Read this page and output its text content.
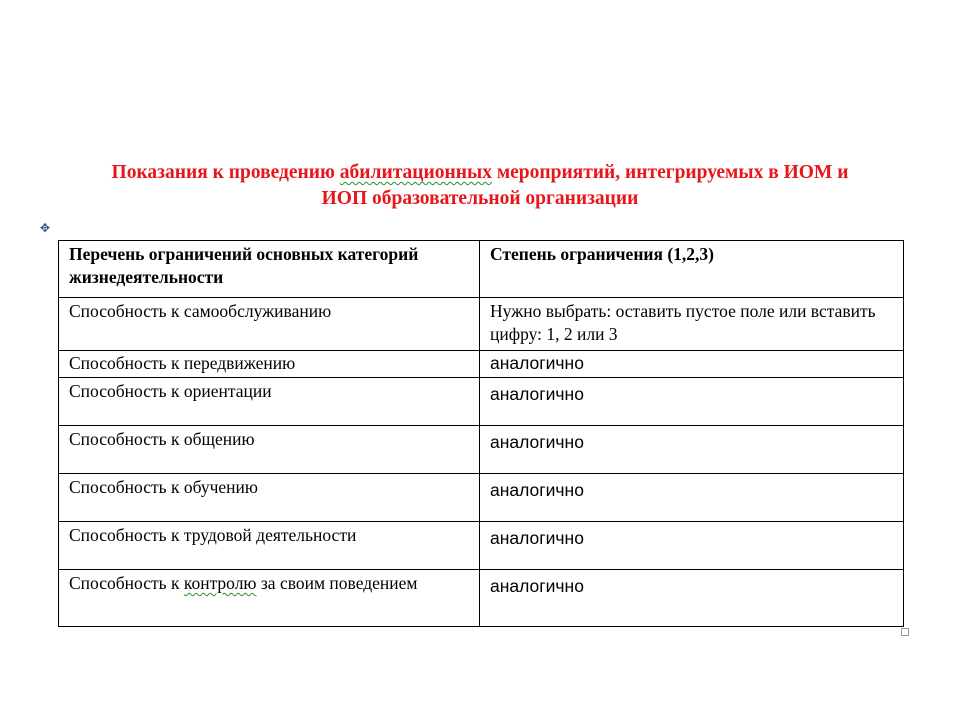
Показания к проведению абилитационных мероприятий, интегрируемых в ИОМ и
ИОП образовательной организации
✥
Перечень ограничений основных категорий жизнедеятельности	Степень ограничения (1,2,3)
Способность к самообслуживанию	Нужно выбрать: оставить пустое поле или вставить цифру: 1, 2 или 3
Способность к передвижению	аналогично
Способность к ориентации	аналогично
Способность к общению	аналогично
Способность к обучению	аналогично
Способность к трудовой деятельности	аналогично
Способность к контролю за своим поведением	аналогично
